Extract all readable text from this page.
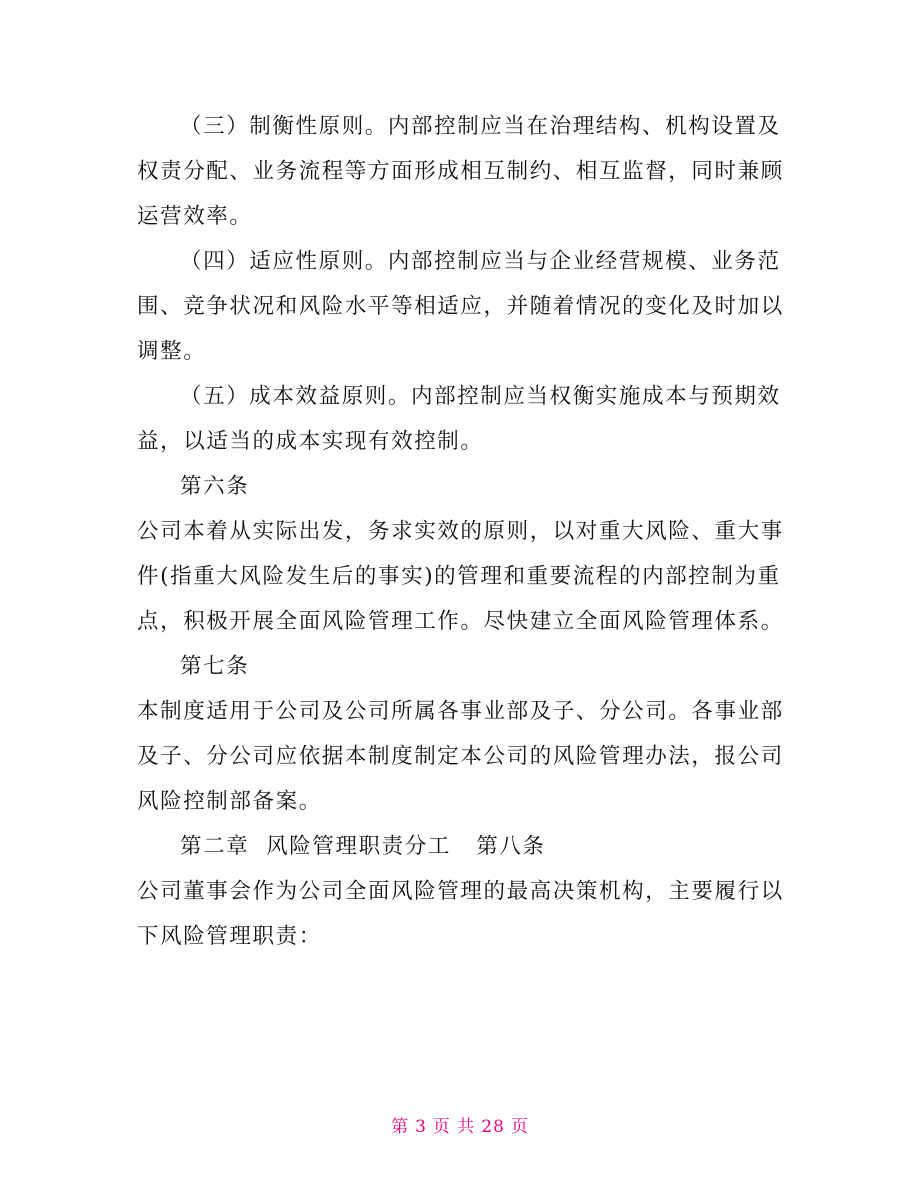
（三）制衡性原则。内部控制应当在治理结构、机构设置及权责分配、业务流程等方面形成相互制约、相互监督，同时兼顾运营效率。

（四）适应性原则。内部控制应当与企业经营规模、业务范围、竞争状况和风险水平等相适应，并随着情况的变化及时加以调整。

（五）成本效益原则。内部控制应当权衡实施成本与预期效益，以适当的成本实现有效控制。

第六条

公司本着从实际出发，务求实效的原则，以对重大风险、重大事件(指重大风险发生后的事实)的管理和重要流程的内部控制为重点，积极开展全面风险管理工作。尽快建立全面风险管理体系。

第七条

本制度适用于公司及公司所属各事业部及子、分公司。各事业部及子、分公司应依据本制度制定本公司的风险管理办法，报公司风险控制部备案。

第二章  风险管理职责分工   第八条

公司董事会作为公司全面风险管理的最高决策机构，主要履行以下风险管理职责：

第 3 页 共 28 页
